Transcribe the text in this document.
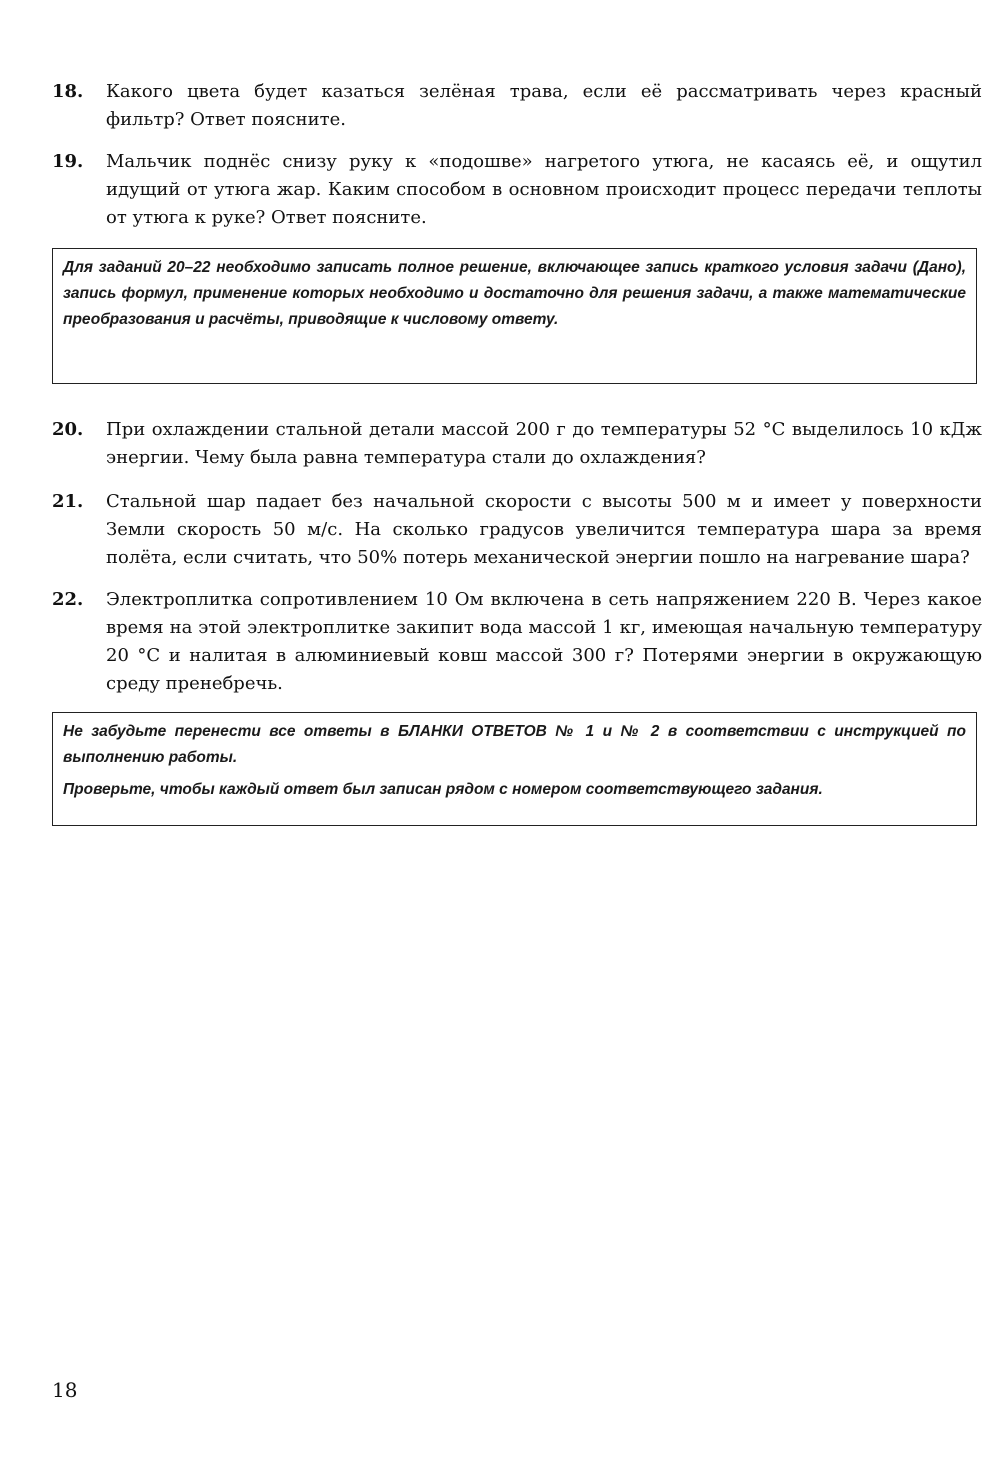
18. Какого цвета будет казаться зелёная трава, если её рассматривать через красный фильтр? Ответ поясните.
19. Мальчик поднёс снизу руку к «подошве» нагретого утюга, не касаясь её, и ощутил идущий от утюга жар. Каким способом в основном происходит процесс передачи теплоты от утюга к руке? Ответ поясните.

Для заданий 20–22 необходимо записать полное решение, включающее запись краткого условия задачи (Дано), запись формул, применение которых необходимо и достаточно для решения задачи, а также математические преобразования и расчёты, приводящие к числовому ответу.

20. При охлаждении стальной детали массой 200 г до температуры 52 °С выделилось 10 кДж энергии. Чему была равна температура стали до охлаждения?
21. Стальной шар падает без начальной скорости с высоты 500 м и имеет у поверхности Земли скорость 50 м/с. На сколько градусов увеличится температура шара за время полёта, если считать, что 50% потерь механической энергии пошло на нагревание шара?
22. Электроплитка сопротивлением 10 Ом включена в сеть напряжением 220 В. Через какое время на этой электроплитке закипит вода массой 1 кг, имеющая начальную температуру 20 °С и налитая в алюминиевый ковш массой 300 г? Потерями энергии в окружающую среду пренебречь.

Не забудьте перенести все ответы в БЛАНКИ ОТВЕТОВ № 1 и № 2 в соответствии с инструкцией по выполнению работы.

Проверьте, чтобы каждый ответ был записан рядом с номером соответствующего задания.

18
